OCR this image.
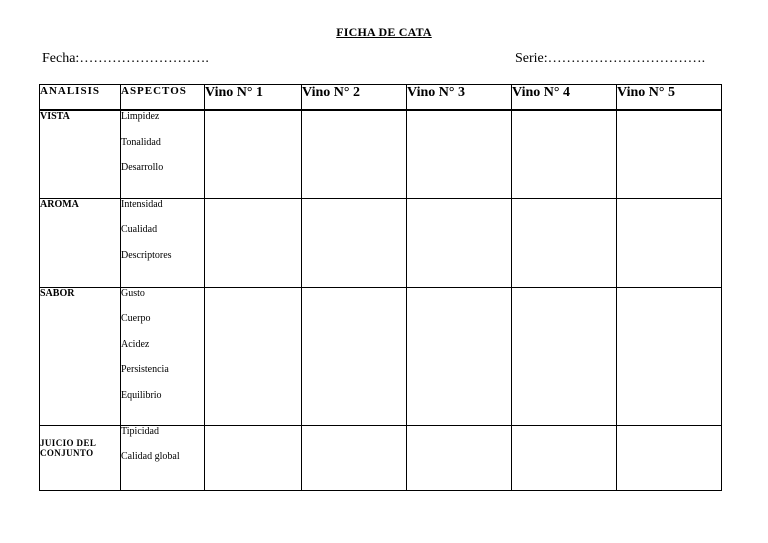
FICHA DE CATA
Fecha:……………………….	Serie:…………………………….
ANALISIS	ASPECTOS	Vino N° 1	Vino N° 2	Vino N° 3	Vino N° 4	Vino N° 5
VISTA	Limpidez
Tonalidad
Desarrollo					

AROMA	Intensidad
Cualidad
Descriptores					

SABOR	Gusto
Cuerpo
Acidez
Persistencia
Equilibrio					

JUICIO DEL CONJUNTO	Tipicidad
Calidad global					
